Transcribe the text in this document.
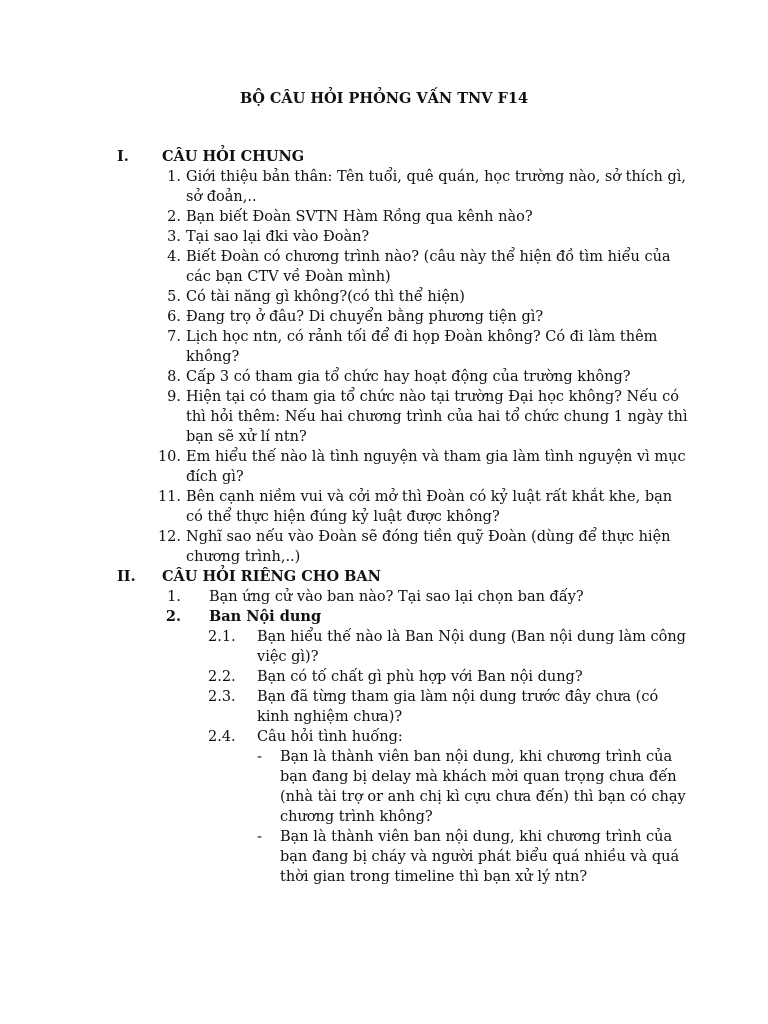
BỘ CÂU HỎI PHỎNG VẤN TNV F14
I. CÂU HỎI CHUNG
1. Giới thiệu bản thân: Tên tuổi, quê quán, học trường nào, sở thích gì,
sở đoản,..
2. Bạn biết Đoàn SVTN Hàm Rồng qua kênh nào?
3. Tại sao lại đki vào Đoàn?
4. Biết Đoàn có chương trình nào? (câu này thể hiện đồ tìm hiểu của
các bạn CTV về Đoàn mình)
5. Có tài năng gì không?(có thì thể hiện)
6. Đang trọ ở đâu? Di chuyển bằng phương tiện gì?
7. Lịch học ntn, có rảnh tối để đi họp Đoàn không? Có đi làm thêm
không?
8. Cấp 3 có tham gia tổ chức hay hoạt động của trường không?
9. Hiện tại có tham gia tổ chức nào tại trường Đại học không? Nếu có
thì hỏi thêm: Nếu hai chương trình của hai tổ chức chung 1 ngày thì
bạn sẽ xử lí ntn?
10. Em hiểu thế nào là tình nguyện và tham gia làm tình nguyện vì mục
đích gì?
11. Bên cạnh niềm vui và cởi mở thì Đoàn có kỷ luật rất khắt khe, bạn
có thể thực hiện đúng kỷ luật được không?
12. Nghĩ sao nếu vào Đoàn sẽ đóng tiền quỹ Đoàn (dùng để thực hiện
chương trình,..)
II. CÂU HỎI RIÊNG CHO BAN
1. Bạn ứng cử vào ban nào? Tại sao lại chọn ban đấy?
2. Ban Nội dung
2.1. Bạn hiểu thế nào là Ban Nội dung (Ban nội dung làm công
việc gì)?
2.2. Bạn có tố chất gì phù hợp với Ban nội dung?
2.3. Bạn đã từng tham gia làm nội dung trước đây chưa (có
kinh nghiệm chưa)?
2.4. Câu hỏi tình huống:
- Bạn là thành viên ban nội dung, khi chương trình của
bạn đang bị delay mà khách mời quan trọng chưa đến
(nhà tài trợ or anh chị kì cựu chưa đến) thì bạn có chạy
chương trình không?
- Bạn là thành viên ban nội dung, khi chương trình của
bạn đang bị cháy và người phát biểu quá nhiều và quá
thời gian trong timeline thì bạn xử lý ntn?
